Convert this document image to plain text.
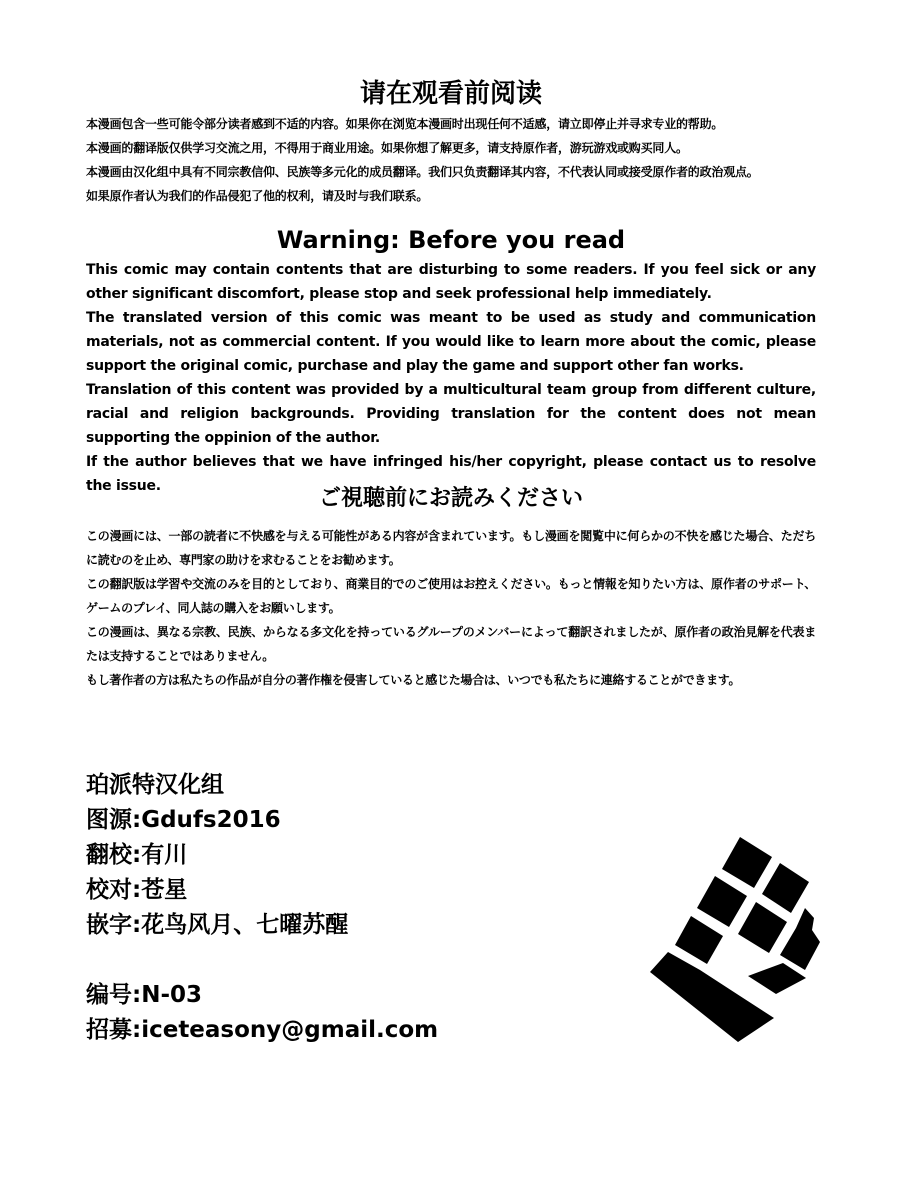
请在观看前阅读

本漫画包含一些可能令部分读者感到不适的内容。如果你在浏览本漫画时出现任何不适感，请立即停止并寻求专业的帮助。

本漫画的翻译版仅供学习交流之用，不得用于商业用途。如果你想了解更多，请支持原作者，游玩游戏或购买同人。

本漫画由汉化组中具有不同宗教信仰、民族等多元化的成员翻译。我们只负责翻译其内容，不代表认同或接受原作者的政治观点。

如果原作者认为我们的作品侵犯了他的权利，请及时与我们联系。

Warning: Before you read

This comic may contain contents that are disturbing to some readers. If you feel sick or any other significant discomfort, please stop and seek professional help immediately.

The translated version of this comic was meant to be used as study and communication materials, not as commercial content. If you would like to learn more about the comic, please support the original comic, purchase and play the game and support other fan works.

Translation of this content was provided by a multicultural team group from different culture, racial and religion backgrounds. Providing translation for the content does not mean supporting the oppinion of the author.

If the author believes that we have infringed his/her copyright, please contact us to resolve the issue.	ご視聴前にお読みください

この漫画には、一部の読者に不快感を与える可能性がある内容が含まれています。もし漫画を閲覧中に何らかの不快を感じた場合、ただちに読むのを止め、専門家の助けを求むることをお勧めます。

この翻訳版は学習や交流のみを目的としており、商業目的でのご使用はお控えください。もっと情報を知りたい方は、原作者のサポート、ゲームのプレイ、同人誌の購入をお願いします。

この漫画は、異なる宗教、民族、からなる多文化を持っているグループのメンバーによって翻訳されましたが、原作者の政治見解を代表または支持することではありません。

もし著作者の方は私たちの作品が自分の著作権を侵害していると感じた場合は、いつでも私たちに連絡することができます。

珀派特汉化组

图源:Gdufs2016

翻校:有川

校对:苍星

嵌字:花鸟风月、七曜苏醒

编号:N-03

招募:iceteasony@gmail.com
